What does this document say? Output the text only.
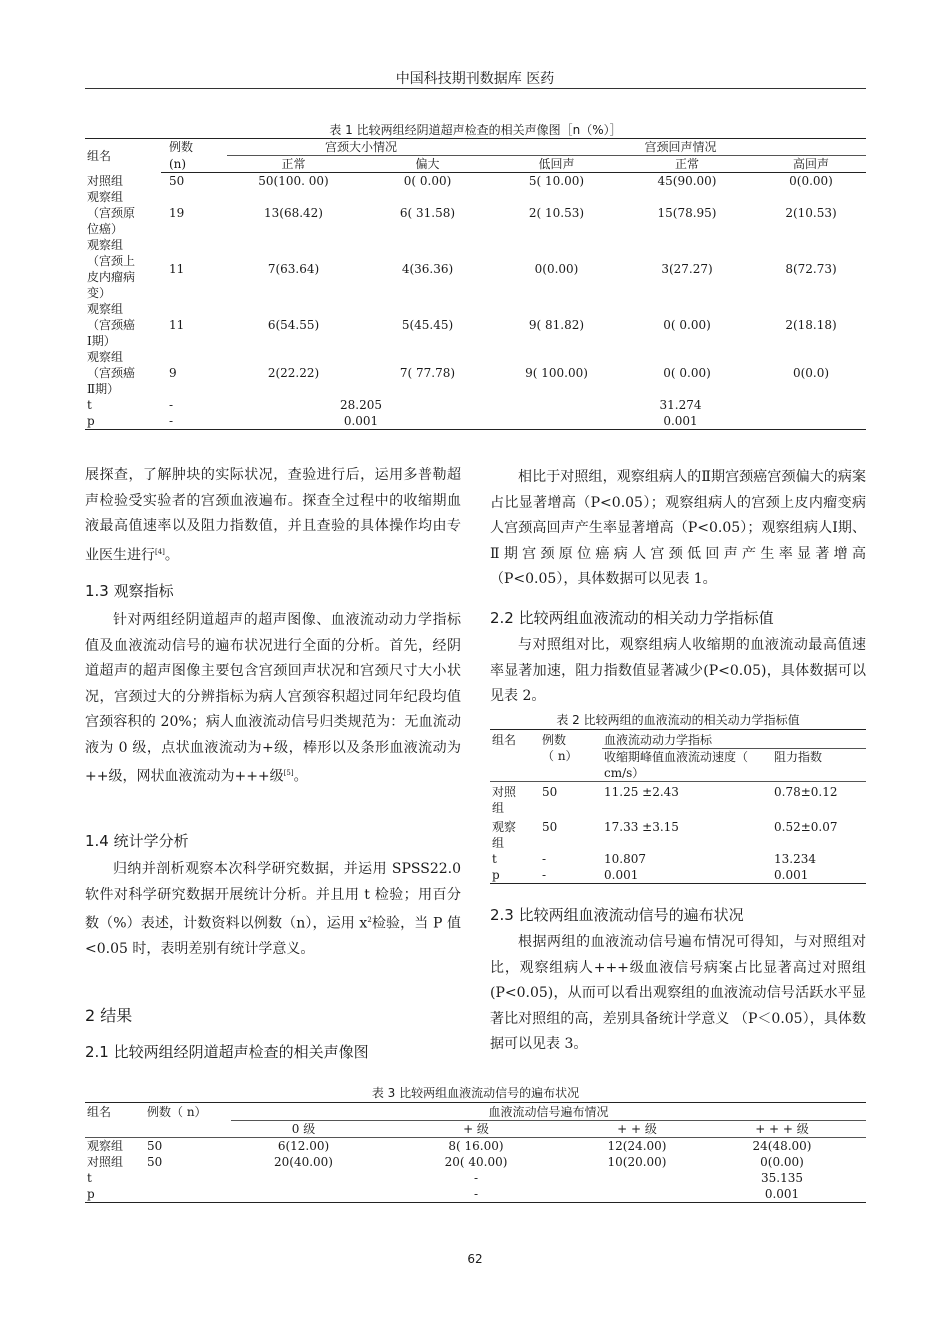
中国科技期刊数据库 医药
表 1 比较两组经阴道超声检查的相关声像图［n（%）］
组名	例数	宫颈大小情况		宫颈回声情况		
	(n)	正常	偏大	低回声	正常	高回声
对照组	50	50(100. 00)	0( 0.00)	5( 10.00)	45(90.00)	0(0.00)

观察组
（宫颈原
位癌）	19	13(68.42)	6( 31.58)	2( 10.53)	15(78.95)	2(10.53)

观察组
（宫颈上
皮内瘤病
变）	11	7(63.64)	4(36.36)	0(0.00)	3(27.27)	8(72.73)

观察组
（宫颈癌
Ⅰ期）	11	6(54.55)	5(45.45)	9( 81.82)	0( 0.00)	2(18.18)

观察组
（宫颈癌
Ⅱ期）	9	2(22.22)	7( 77.78)	9( 100.00)	0( 0.00)	0(0.0)
t	-	28.205		31.274		
p	-	0.001		0.001		
展探查，了解肿块的实际状况，查验进行后，运用多普勒超声检验受实验者的宫颈血液遍布。探查全过程中的收缩期血液最高值速率以及阻力指数值，并且查验的具体操作均由专业医生进行[4]。
1.3 观察指标
针对两组经阴道超声的超声图像、血液流动动力学指标值及血液流动信号的遍布状况进行全面的分析。首先，经阴道超声的超声图像主要包含宫颈回声状况和宫颈尺寸大小状况，宫颈过大的分辨指标为病人宫颈容积超过同年纪段均值宫颈容积的 20%；病人血液流动信号归类规范为：无血流动液为 0 级，点状血液流动为+级，棒形以及条形血液流动为++级，网状血液流动为+++级[5]。
1.4 统计学分析
归纳并剖析观察本次科学研究数据，并运用 SPSS22.0 软件对科学研究数据开展统计分析。并且用 t 检验；用百分数（%）表述，计数资料以例数（n），运用 $x^2$检验，当 P 值<0.05 时，表明差别有统计学意义。
2 结果
2.1 比较两组经阴道超声检查的相关声像图
相比于对照组，观察组病人的Ⅱ期宫颈癌宫颈偏大的病案占比显著增高（P<0.05）；观察组病人的宫颈上皮内瘤变病人宫颈高回声产生率显著增高（P<0.05）；观察组病人Ⅰ期、Ⅱ期宫颈原位癌病人宫颈低回声产生率显著增高（P<0.05），具体数据可以见表 1。
2.2 比较两组血液流动的相关动力学指标值
与对照组对比，观察组病人收缩期的血液流动最高值速率显著加速，阻力指数值显著减少(P<0.05)，具体数据可以见表 2。
表 2 比较两组的血液流动的相关动力学指标值
组名	例数
（ n）	血液流动动力学指标	
		收缩期峰值血液流动速度（ cm/s）	阻力指数

对照组	50	11.25 ±2.43	0.78±0.12

观察组	50	17.33 ±3.15	0.52±0.07
t	-	10.807	13.234
p	-	0.001	0.001
2.3 比较两组血液流动信号的遍布状况
根据两组的血液流动信号遍布情况可得知，与对照组对比，观察组病人+++级血液信号病案占比显著高过对照组(P<0.05)，从而可以看出观察组的血液流动信号活跃水平显著比对照组的高，差别具备统计学意义 （P＜0.05），具体数据可以见表 3。
表 3 比较两组血液流动信号的遍布状况
组名	例数（ n）	血液流动信号遍布情况			
		0 级	+ 级	+ + 级	+ + + 级
观察组	50	6(12.00)	8( 16.00)	12(24.00)	24(48.00)
对照组	50	20(40.00)	20( 40.00)	10(20.00)	0(0.00)
t			-		35.135
p			-		0.001
62
